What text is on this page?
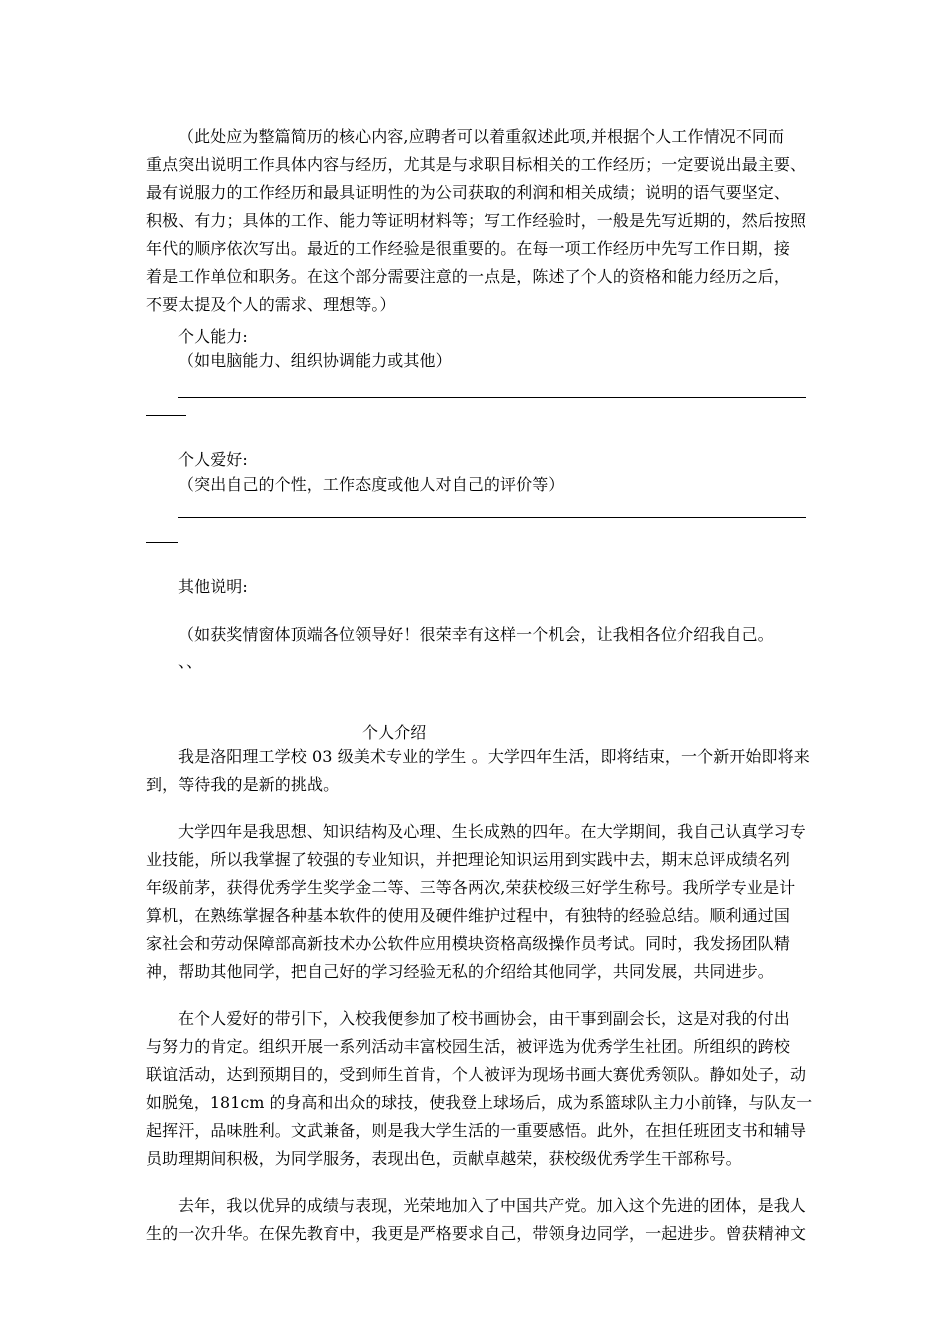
（此处应为整篇简历的核心内容,应聘者可以着重叙述此项,并根据个人工作情况不同而
重点突出说明工作具体内容与经历，尤其是与求职目标相关的工作经历；一定要说出最主要、
最有说服力的工作经历和最具证明性的为公司获取的利润和相关成绩；说明的语气要坚定、
积极、有力；具体的工作、能力等证明材料等；写工作经验时，一般是先写近期的，然后按照
年代的顺序依次写出。最近的工作经验是很重要的。在每一项工作经历中先写工作日期，接
着是工作单位和职务。在这个部分需要注意的一点是，陈述了个人的资格和能力经历之后，
不要太提及个人的需求、理想等。）
个人能力:
（如电脑能力、组织协调能力或其他）
个人爱好:
（突出自己的个性，工作态度或他人对自己的评价等）
其他说明:
（如获奖情窗体顶端各位领导好！很荣幸有这样一个机会，让我相各位介绍我自己。
、、
个人介绍
我是洛阳理工学校 03 级美术专业的学生 。大学四年生活，即将结束，一个新开始即将来
到，等待我的是新的挑战。
大学四年是我思想、知识结构及心理、生长成熟的四年。在大学期间，我自己认真学习专
业技能，所以我掌握了较强的专业知识，并把理论知识运用到实践中去，期末总评成绩名列
年级前茅，获得优秀学生奖学金二等、三等各两次,荣获校级三好学生称号。我所学专业是计
算机，在熟练掌握各种基本软件的使用及硬件维护过程中，有独特的经验总结。顺利通过国
家社会和劳动保障部高新技术办公软件应用模块资格高级操作员考试。同时，我发扬团队精
神，帮助其他同学，把自己好的学习经验无私的介绍给其他同学，共同发展，共同进步。
在个人爱好的带引下，入校我便参加了校书画协会，由干事到副会长，这是对我的付出
与努力的肯定。组织开展一系列活动丰富校园生活，被评选为优秀学生社团。所组织的跨校
联谊活动，达到预期目的，受到师生首肯，个人被评为现场书画大赛优秀领队。静如处子，动
如脱兔，181cm 的身高和出众的球技，使我登上球场后，成为系篮球队主力小前锋，与队友一
起挥汗，品味胜利。文武兼备，则是我大学生活的一重要感悟。此外，在担任班团支书和辅导
员助理期间积极，为同学服务，表现出色，贡献卓越荣，获校级优秀学生干部称号。
去年，我以优异的成绩与表现，光荣地加入了中国共产党。加入这个先进的团体，是我人
生的一次升华。在保先教育中，我更是严格要求自己，带领身边同学，一起进步。曾获精神文
